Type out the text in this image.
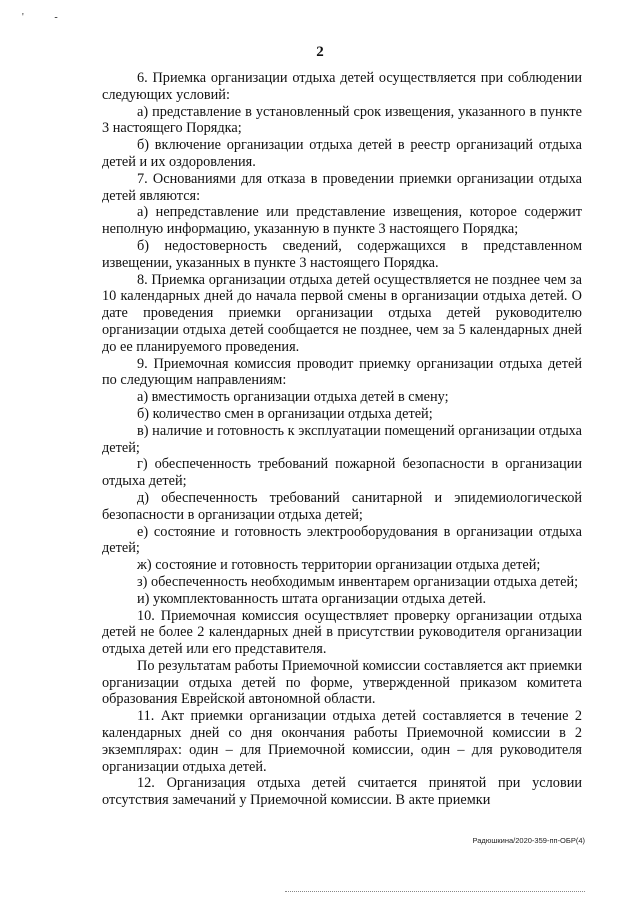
'	-
2

6. Приемка организации отдыха детей осуществляется при соблюдении следующих условий:

а) представление в установленный срок извещения, указанного в пункте 3 настоящего Порядка;

б) включение организации отдыха детей в реестр организаций отдыха детей и их оздоровления.

7. Основаниями для отказа в проведении приемки организации отдыха детей являются:

а) непредставление или представление извещения, которое содержит неполную информацию, указанную в пункте 3 настоящего Порядка;

б) недостоверность сведений, содержащихся в представленном извещении, указанных в пункте 3 настоящего Порядка.

8. Приемка организации отдыха детей осуществляется не позднее чем за 10 календарных дней до начала первой смены в организации отдыха детей. О дате проведения приемки организации отдыха детей руководителю организации отдыха детей сообщается не позднее, чем за 5 календарных дней до ее планируемого проведения.

9. Приемочная комиссия проводит приемку организации отдыха детей по следующим направлениям:

а) вместимость организации отдыха детей в смену;

б) количество смен в организации отдыха детей;

в) наличие и готовность к эксплуатации помещений организации отдыха детей;

г) обеспеченность требований пожарной безопасности в организации отдыха детей;

д) обеспеченность требований санитарной и эпидемиологической безопасности в организации отдыха детей;

е) состояние и готовность электрооборудования в организации отдыха детей;

ж) состояние и готовность территории организации отдыха детей;

з) обеспеченность необходимым инвентарем организации отдыха детей;

и) укомплектованность штата организации отдыха детей.

10. Приемочная комиссия осуществляет проверку организации отдыха детей не более 2 календарных дней в присутствии руководителя организации отдыха детей или его представителя.

По результатам работы Приемочной комиссии составляется акт приемки организации отдыха детей по форме, утвержденной приказом комитета образования Еврейской автономной области.

11. Акт приемки организации отдыха детей составляется в течение 2 календарных дней со дня окончания работы Приемочной комиссии в 2 экземплярах: один – для Приемочной комиссии, один – для руководителя организации отдыха детей.

12. Организация отдыха детей считается принятой при условии отсутствия замечаний у Приемочной комиссии. В акте приемки

Радюшкина/2020-359-пп-ОБР(4)
